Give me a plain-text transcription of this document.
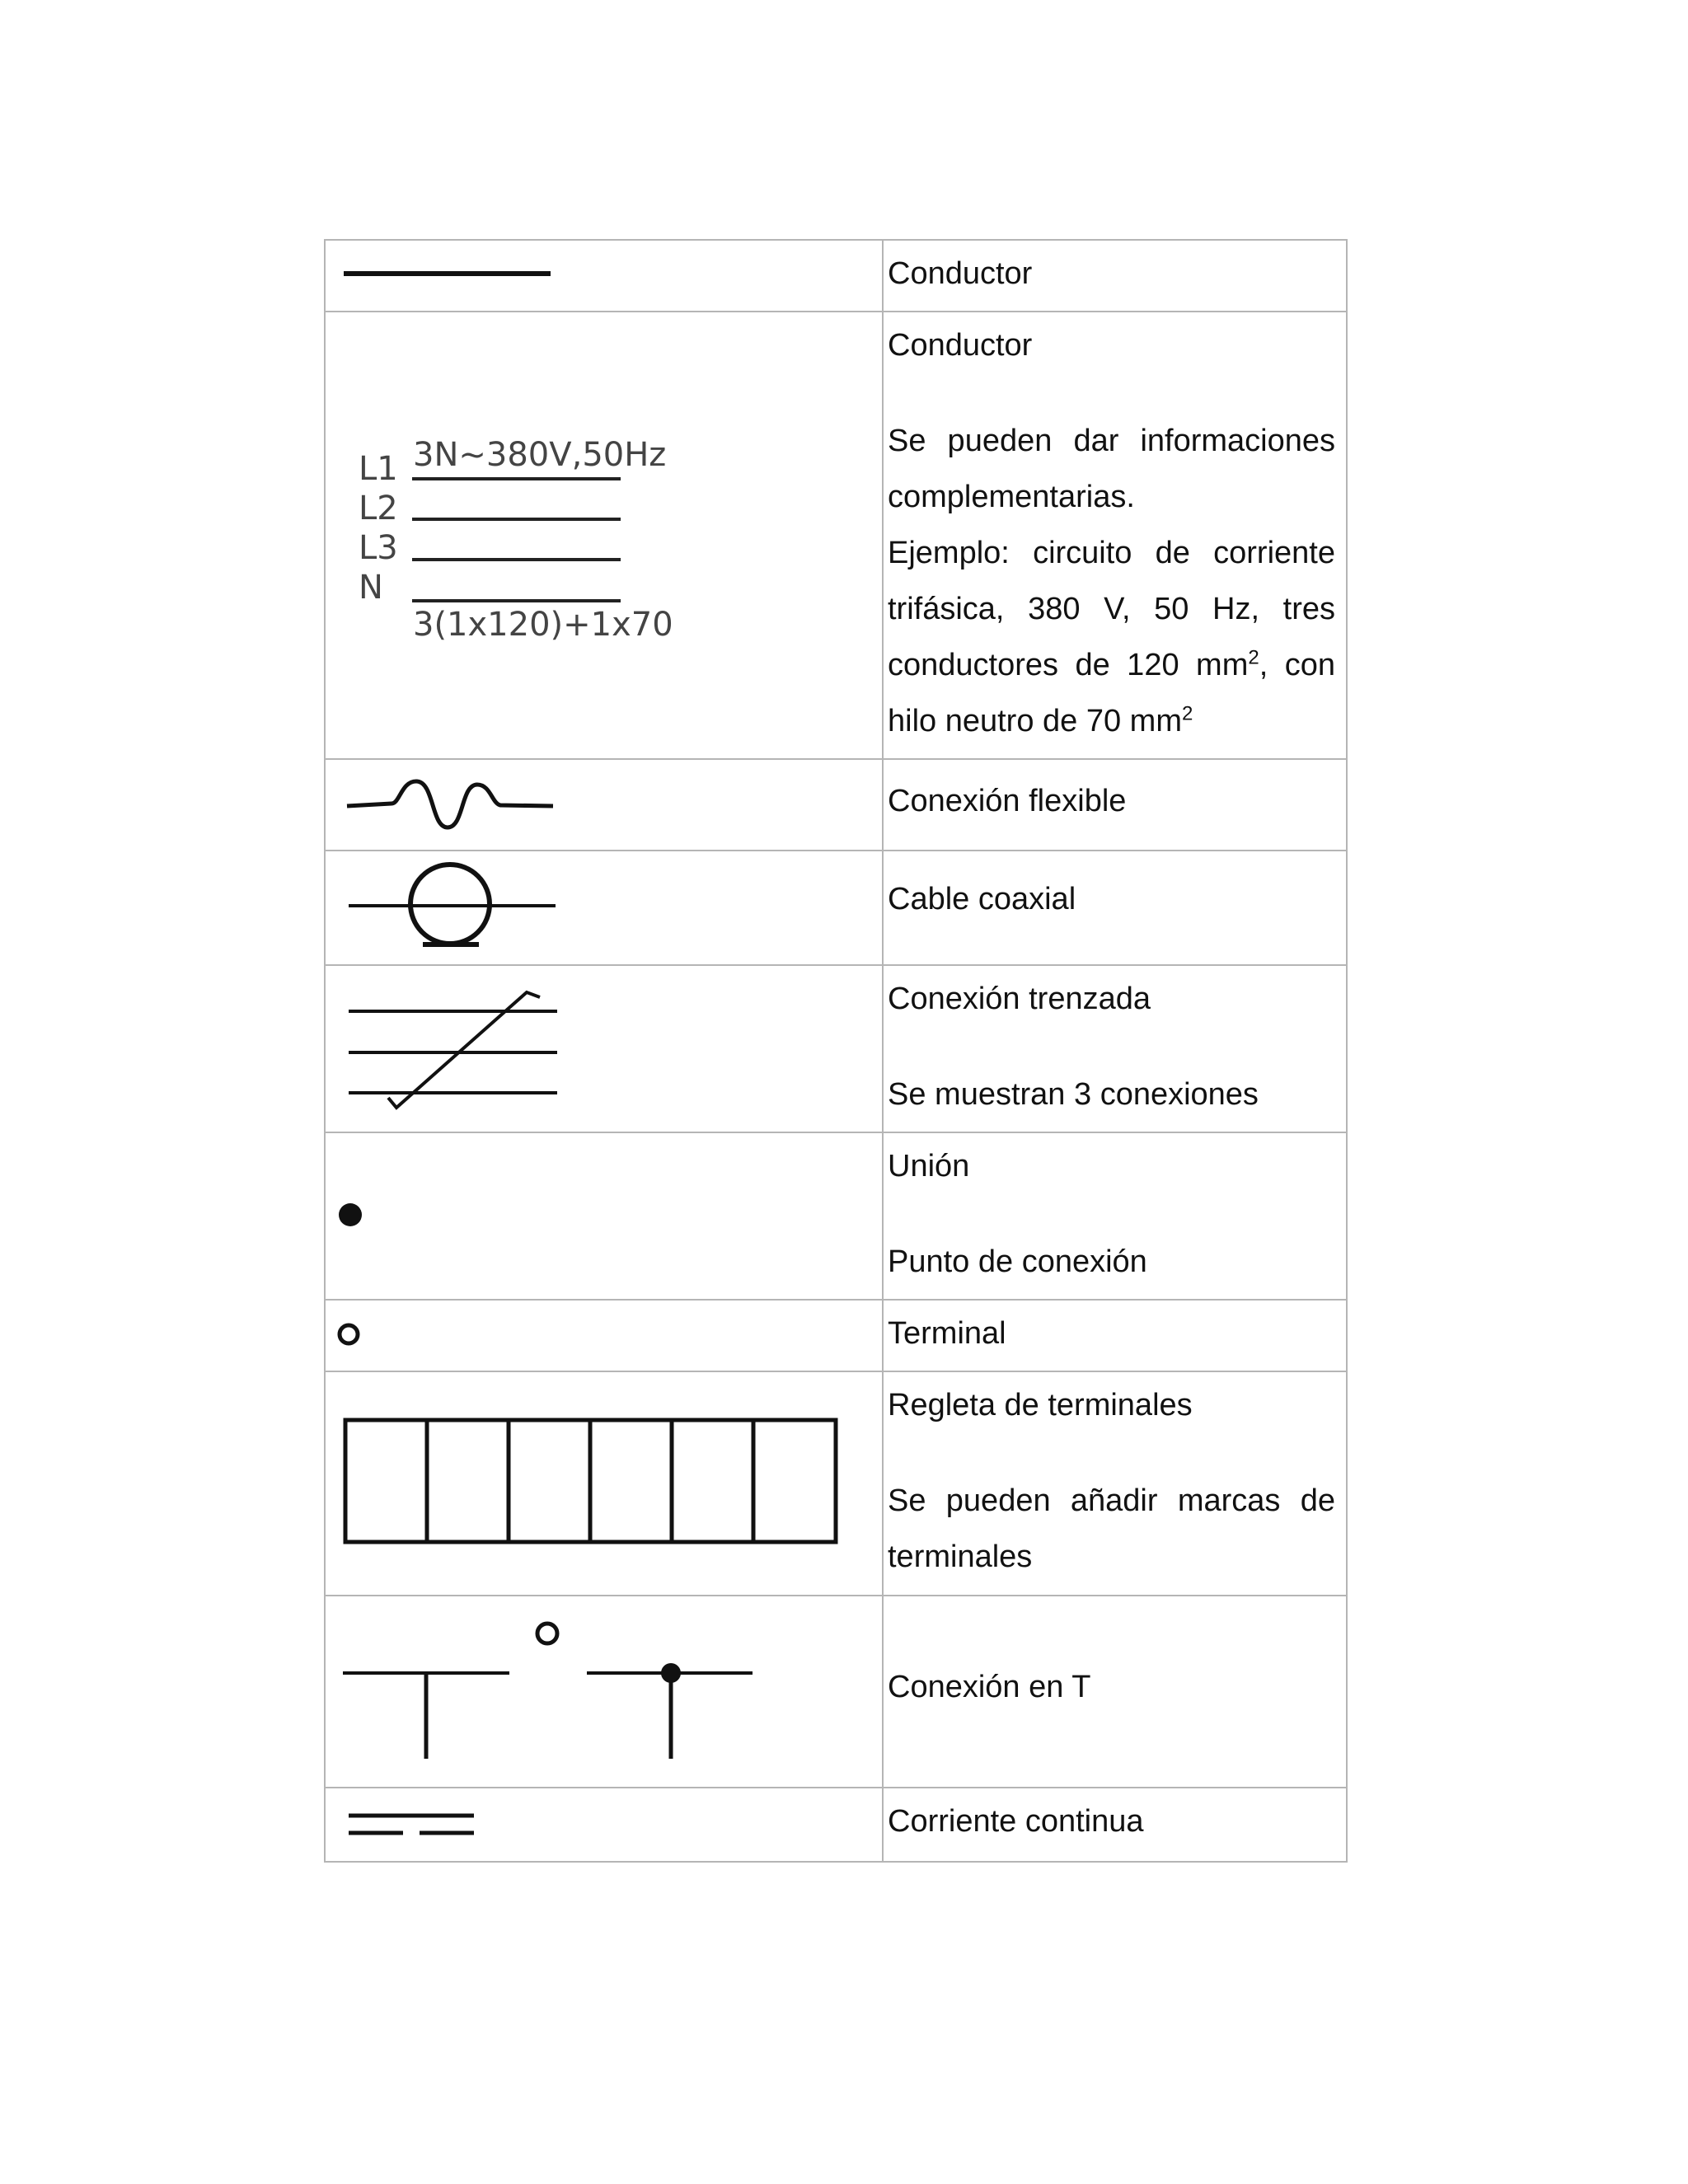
Conductor

3N~380V,50Hz
L1
L2
L3
N
3(1x120)+1x70

Conductor

Se pueden dar informaciones complementarias.

Ejemplo: circuito de corriente trifásica, 380 V, 50 Hz, tres conductores de 120 $mm^2$, con hilo neutro de 70 $mm^2$

Conexión flexible

Cable coaxial

Conexión trenzada

Se muestran 3 conexiones

Unión

Punto de conexión

Terminal

Regleta de terminales

Se pueden añadir marcas de terminales

Conexión en T

Corriente continua
